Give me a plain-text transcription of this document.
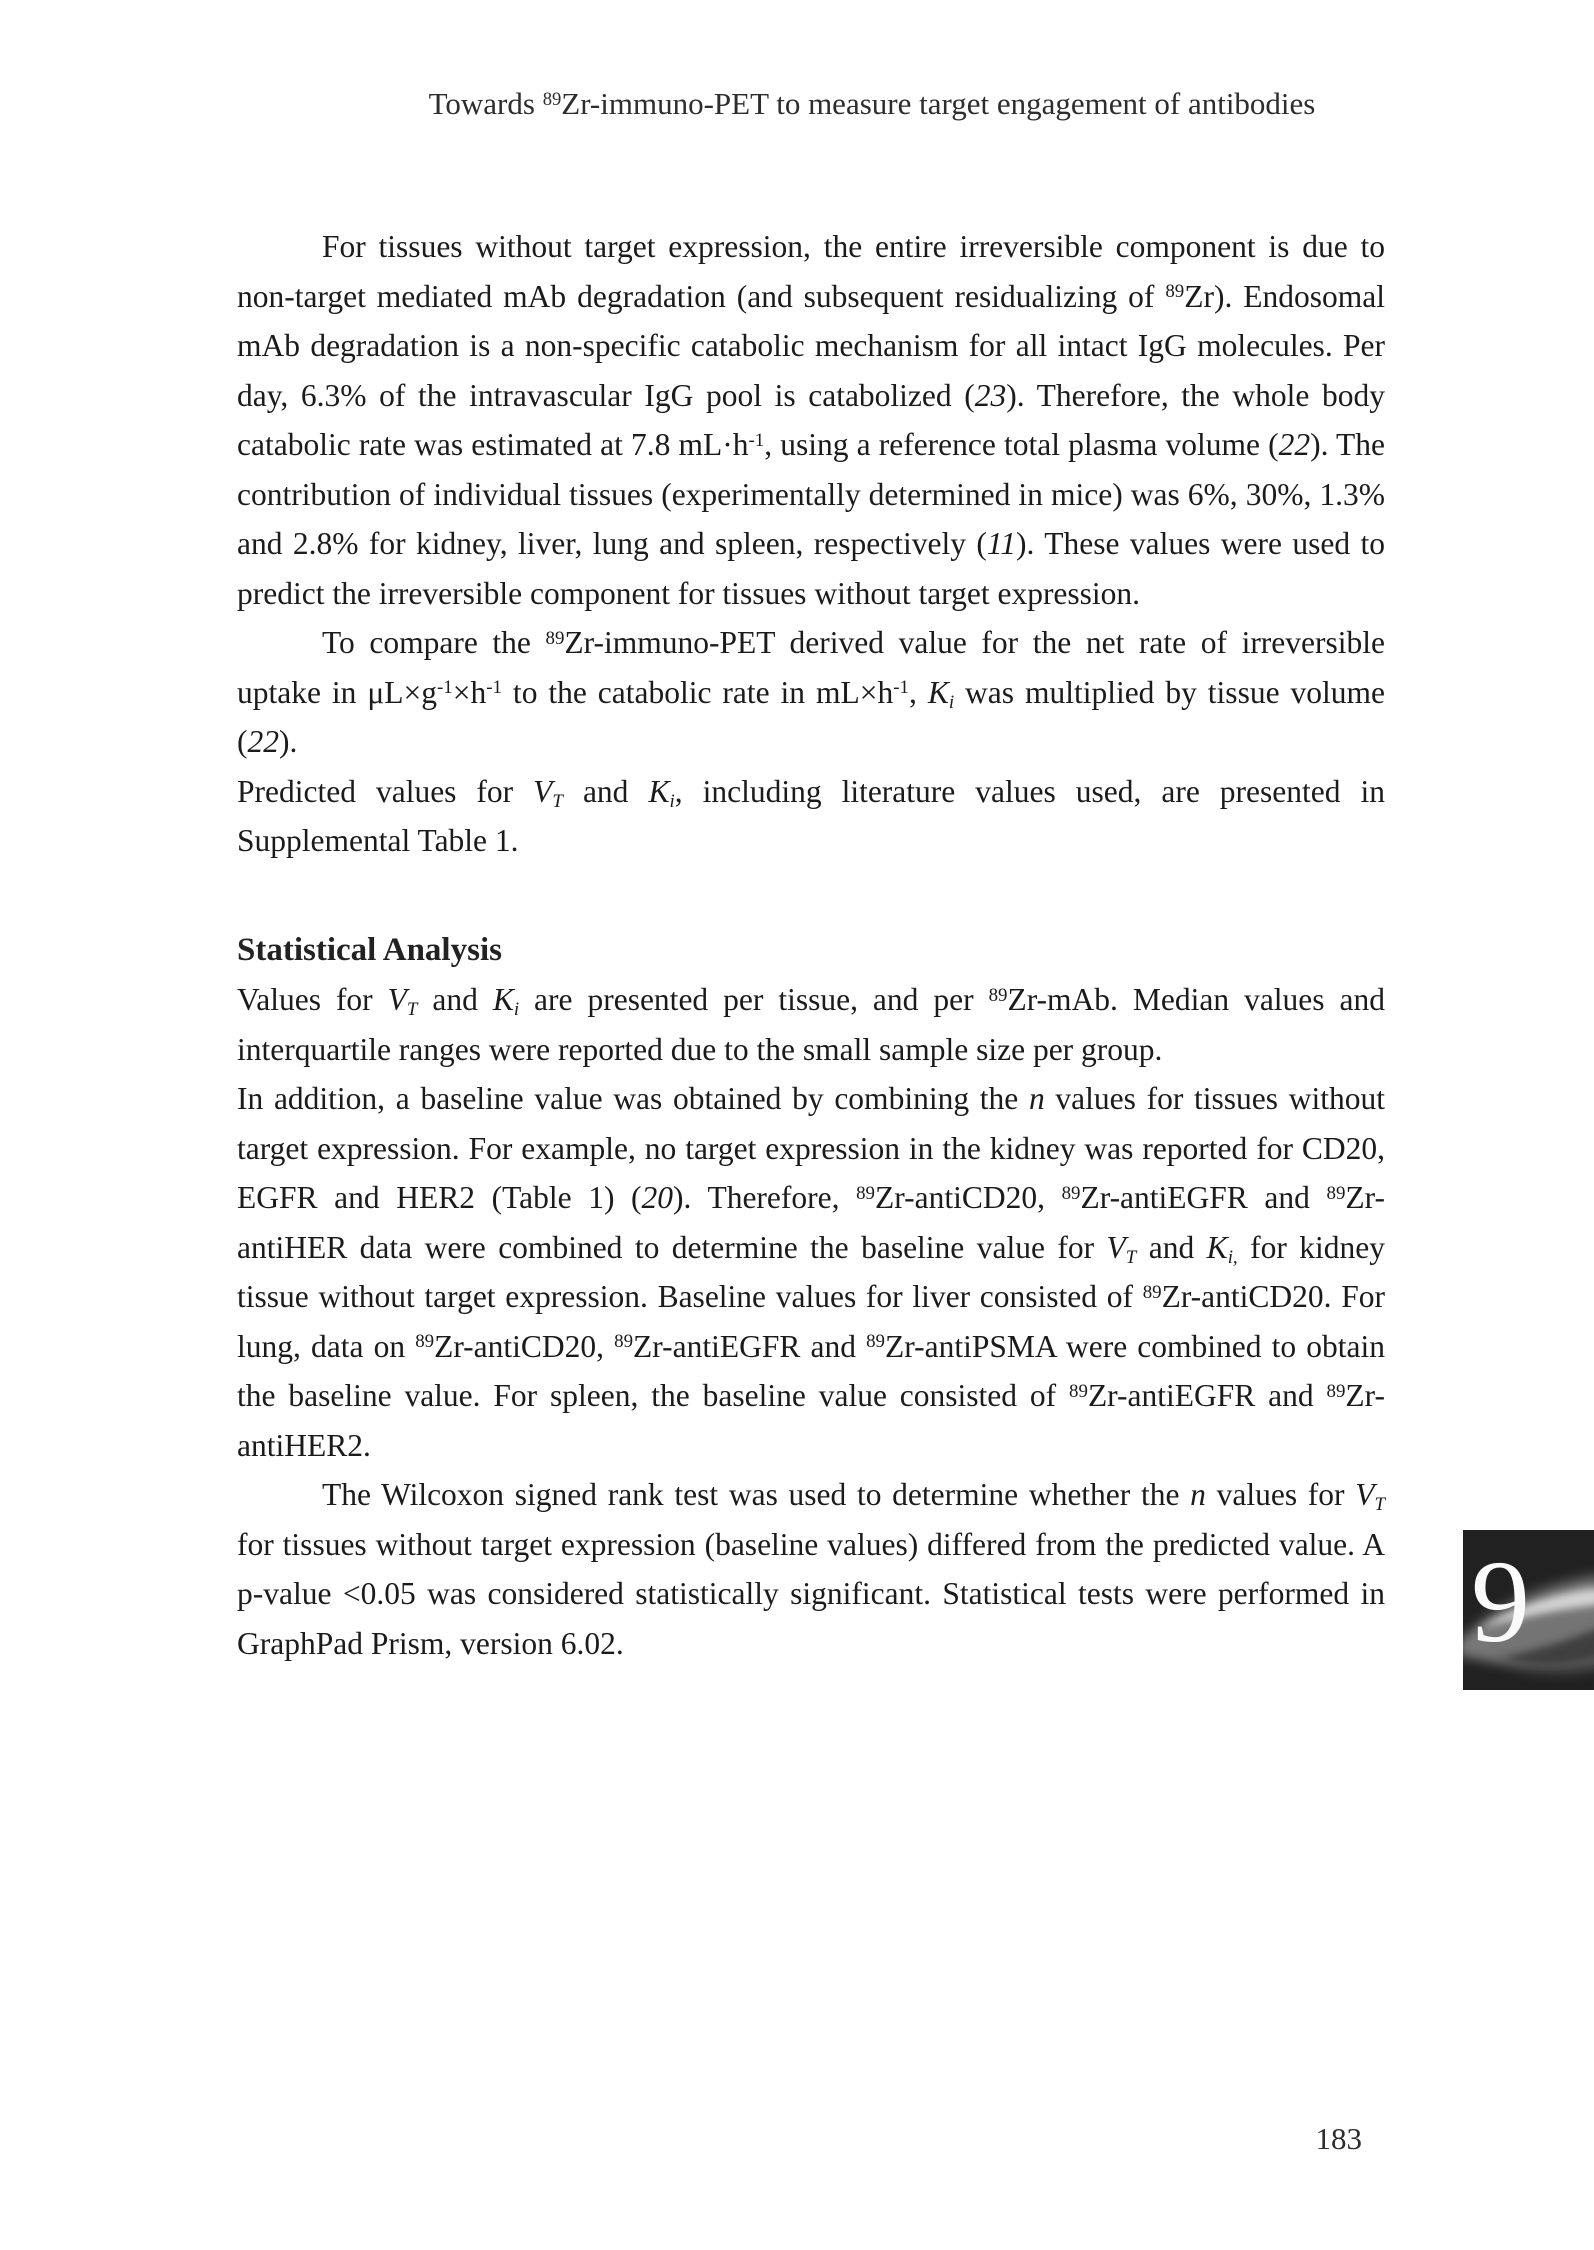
Towards $^{89}$Zr-immuno-PET to measure target engagement of antibodies

For tissues without target expression, the entire irreversible component is due to non-target mediated mAb degradation (and subsequent residualizing of $^{89}$Zr). Endosomal mAb degradation is a non-specific catabolic mechanism for all intact IgG molecules. Per day, 6.3% of the intravascular IgG pool is catabolized (23). Therefore, the whole body catabolic rate was estimated at 7.8 $mL\cdot h^{-1}$, using a reference total plasma volume (22). The contribution of individual tissues (experimentally determined in mice) was 6%, 30%, 1.3% and 2.8% for kidney, liver, lung and spleen, respectively (11). These values were used to predict the irreversible component for tissues without target expression.

To compare the $^{89}$Zr-immuno-PET derived value for the net rate of irreversible uptake in $\mu L\times g^{-1}\times h^{-1}$ to the catabolic rate in $mL\times h^{-1}$, $K_i$ was multiplied by tissue volume (22).

Predicted values for $V_T$ and $K_i$, including literature values used, are presented in Supplemental Table 1.

Statistical Analysis

Values for $V_T$ and $K_i$ are presented per tissue, and per $^{89}$Zr-mAb. Median values and interquartile ranges were reported due to the small sample size per group.

In addition, a baseline value was obtained by combining the n values for tissues without target expression. For example, no target expression in the kidney was reported for CD20, EGFR and HER2 (Table 1) (20). Therefore, $^{89}$Zr-antiCD20, $^{89}$Zr-antiEGFR and $^{89}$Zr-antiHER data were combined to determine the baseline value for $V_T$ and $K_{i,}$ for kidney tissue without target expression. Baseline values for liver consisted of $^{89}$Zr-antiCD20. For lung, data on $^{89}$Zr-antiCD20, $^{89}$Zr-antiEGFR and $^{89}$Zr-antiPSMA were combined to obtain the baseline value. For spleen, the baseline value consisted of $^{89}$Zr-antiEGFR and $^{89}$Zr-antiHER2.

The Wilcoxon signed rank test was used to determine whether the n values for $V_T$ for tissues without target expression (baseline values) differed from the predicted value. A p-value <0.05 was considered statistically significant. Statistical tests were performed in GraphPad Prism, version 6.02.	9
183
